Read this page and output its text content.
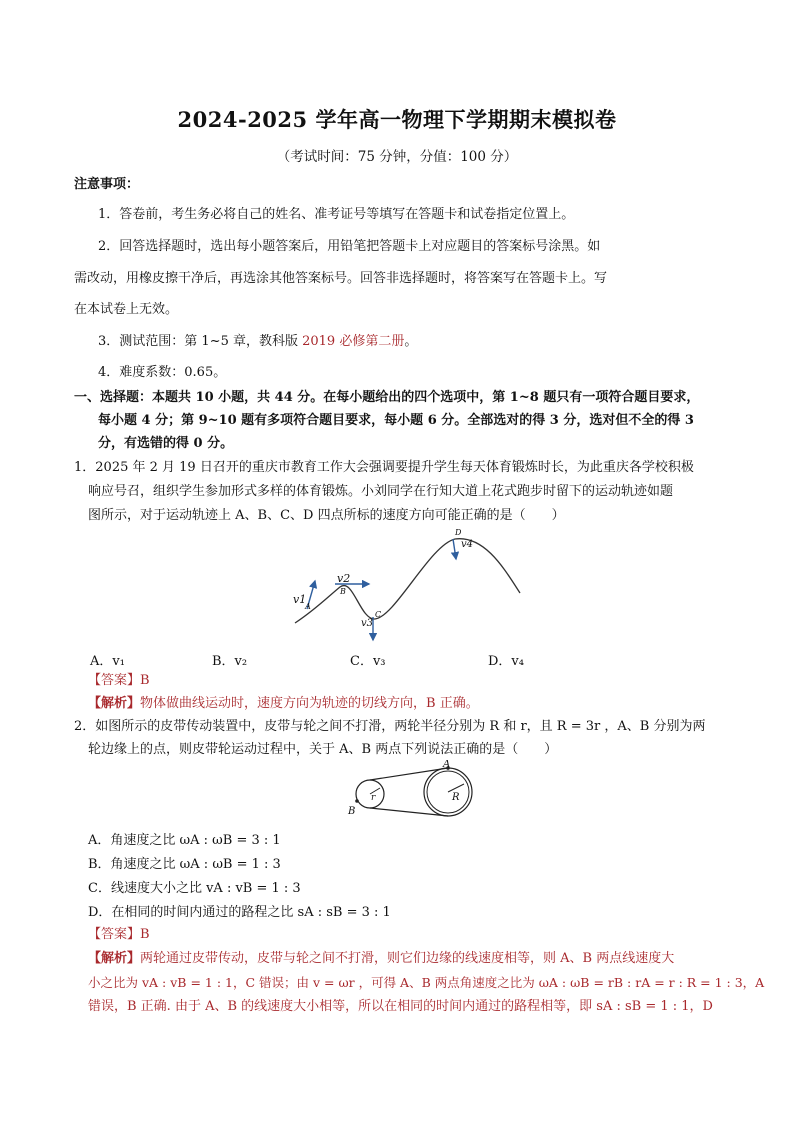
2024-2025 学年高一物理下学期期末模拟卷
（考试时间：75 分钟，分值：100 分）
注意事项：
1．答卷前，考生务必将自己的姓名、准考证号等填写在答题卡和试卷指定位置上。
2．回答选择题时，选出每小题答案后，用铅笔把答题卡上对应题目的答案标号涂黑。如
需改动，用橡皮擦干净后，再选涂其他答案标号。回答非选择题时，将答案写在答题卡上。写
在本试卷上无效。
3．测试范围：第 1~5 章，教科版 2019 必修第二册。
4．难度系数：0.65。
一、选择题：本题共 10 小题，共 44 分。在每小题给出的四个选项中，第 1~8 题只有一项符合题目要求，
每小题 4 分；第 9~10 题有多项符合题目要求，每小题 6 分。全部选对的得 3 分，选对但不全的得 3
分，有选错的得 0 分。
1．2025 年 2 月 19 日召开的重庆市教育工作大会强调要提升学生每天体育锻炼时长，为此重庆各学校积极
响应号召，组织学生参加形式多样的体育锻炼。小刘同学在行知大道上花式跑步时留下的运动轨迹如题
图所示，对于运动轨迹上 A、B、C、D 四点所标的速度方向可能正确的是（　　）
v1
A
v2
B
C
v3
D
v4
A．v₁	B．v₂	C．v₃	D．v₄
【答案】B
【解析】物体做曲线运动时，速度方向为轨迹的切线方向，B 正确。
2．如图所示的皮带传动装置中，皮带与轮之间不打滑，两轮半径分别为 R 和 r，且 R = 3r ，A、B 分别为两
轮边缘上的点，则皮带轮运动过程中，关于 A、B 两点下列说法正确的是（　　）
A
B
R
r
A．角速度之比 ωA : ωB = 3 : 1
B．角速度之比 ωA : ωB = 1 : 3
C．线速度大小之比 vA : vB = 1 : 3
D．在相同的时间内通过的路程之比 sA : sB = 3 : 1
【答案】B
【解析】两轮通过皮带传动，皮带与轮之间不打滑，则它们边缘的线速度相等，则 A、B 两点线速度大
小之比为 vA : vB = 1 : 1，C 错误；由 v = ωr ，可得 A、B 两点角速度之比为 ωA : ωB = rB : rA = r : R = 1 : 3，A
错误，B 正确. 由于 A、B 的线速度大小相等，所以在相同的时间内通过的路程相等，即 sA : sB = 1 : 1，D
